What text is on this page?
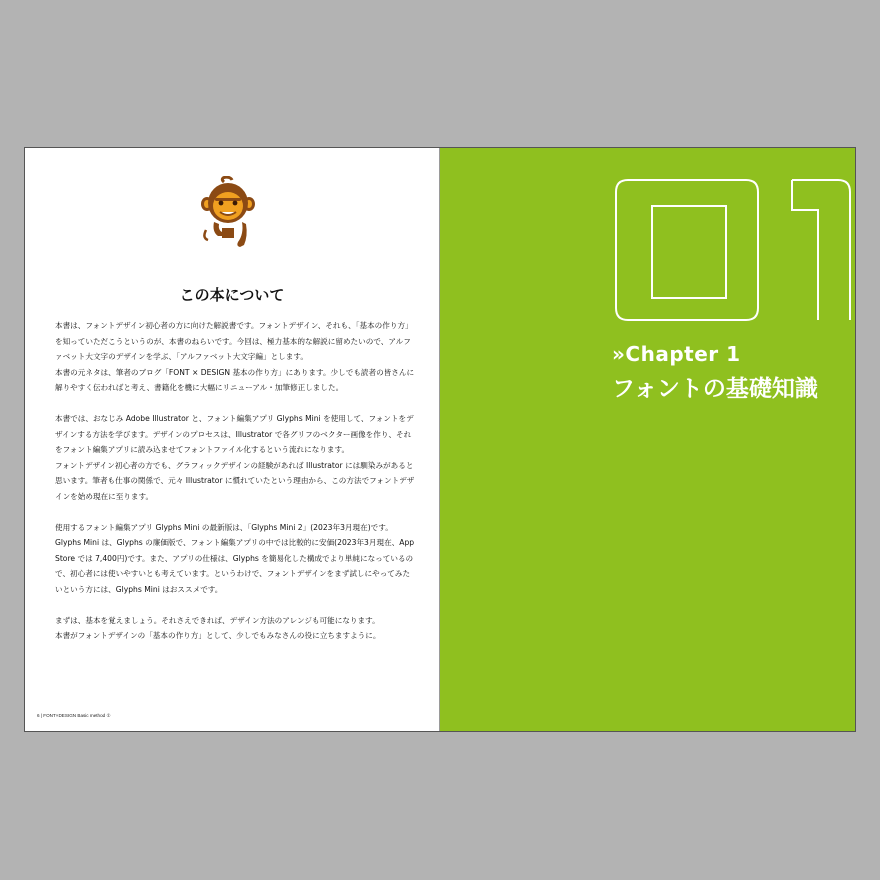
この本について

本書は、フォントデザイン初心者の方に向けた解説書です。フォントデザイン、それも、「基本の作り方」を知っていただこうというのが、本書のねらいです。今回は、極力基本的な解説に留めたいので、アルファベット大文字のデザインを学ぶ、「アルファベット大文字編」とします。

本書の元ネタは、筆者のブログ「FONT × DESIGN 基本の作り方」にあります。少しでも読者の皆さんに解りやすく伝わればと考え、書籍化を機に大幅にリニューアル・加筆修正しました。

本書では、おなじみ Adobe Illustrator と、フォント編集アプリ Glyphs Mini を使用して、フォントをデザインする方法を学びます。デザインのプロセスは、Illustrator で各グリフのベクター画像を作り、それをフォント編集アプリに読み込ませてフォントファイル化するという流れになります。

フォントデザイン初心者の方でも、グラフィックデザインの経験があれば Illustrator には馴染みがあると思います。筆者も仕事の関係で、元々 Illustrator に慣れていたという理由から、この方法でフォントデザインを始め現在に至ります。

使用するフォント編集アプリ Glyphs Mini の最新版は、「Glyphs Mini 2」(2023年3月現在)です。Glyphs Mini は、Glyphs の廉価版で、フォント編集アプリの中では比較的に安価(2023年3月現在、App Store では 7,400円)です。また、アプリの仕様は、Glyphs を簡易化した構成でより単純になっているので、初心者には使いやすいとも考えています。というわけで、フォントデザインをまず試しにやってみたいという方には、Glyphs Mini はおススメです。

まずは、基本を覚えましょう。それさえできれば、デザイン方法のアレンジも可能になります。

本書がフォントデザインの「基本の作り方」として、少しでもみなさんの役に立ちますように。

6 | FONT×DESIGN Basic method ①
»Chapter 1
フォントの基礎知識
